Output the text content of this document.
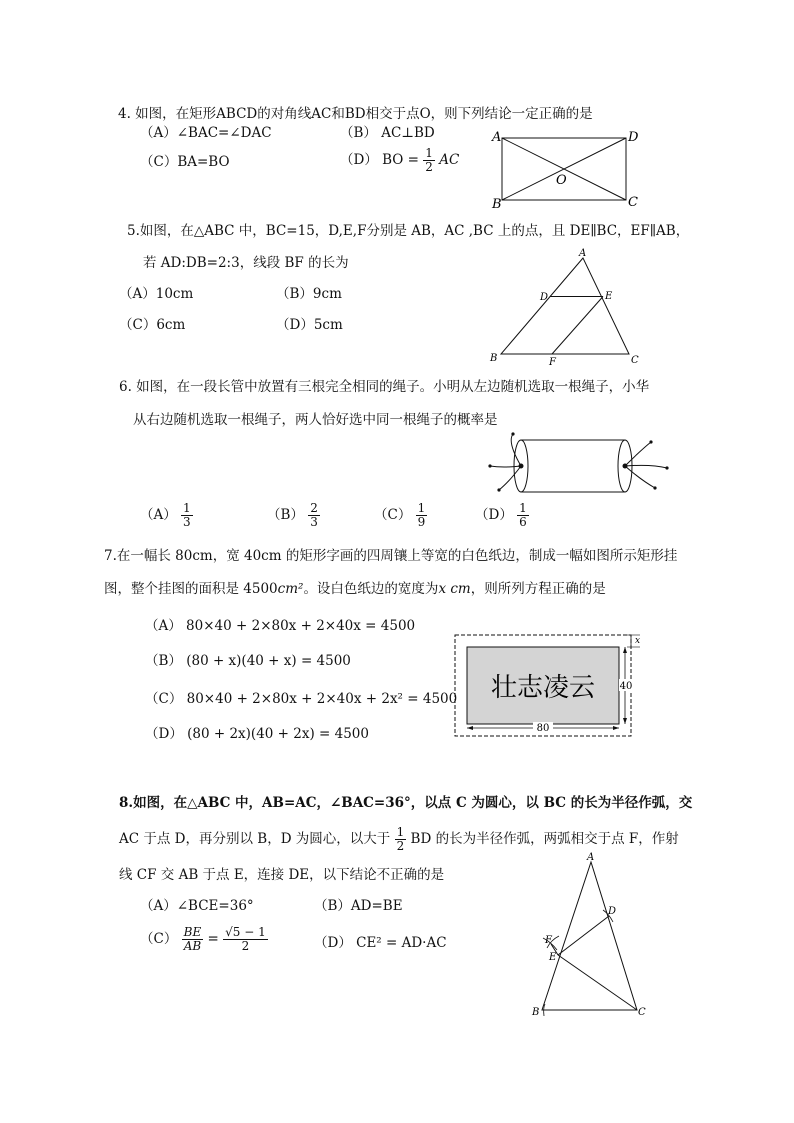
4. 如图，在矩形ABCD的对角线AC和BD相交于点O，则下列结论一定正确的是
（A）∠BAC=∠DAC	（B） AC⊥BD
（C）BA=BO	（D） BO = $\frac{1}{2}$ AC
A	D
B	C
O
5.如图，在△ABC 中，BC=15，D,E,F分别是 AB，AC ,BC 上的点，且 DE∥BC，EF∥AB，
若 AD:DB=2:3，线段 BF 的长为
（A）10cm	（B）9cm
（C）6cm	（D）5cm
A
D	E
B	F	C
6. 如图，在一段长管中放置有三根完全相同的绳子。小明从左边随机选取一根绳子，小华
从右边随机选取一根绳子，两人恰好选中同一根绳子的概率是
$(A) \frac{1}{3}$	$(B) \frac{2}{3}$	$(C) \frac{1}{9}$	$(D) \frac{1}{6}$
7.在一幅长 80cm，宽 40cm 的矩形字画的四周镶上等宽的白色纸边，制成一幅如图所示矩形挂
图，整个挂图的面积是 4500cm²。设白色纸边的宽度为x cm，则所列方程正确的是
（A） 80×40 + 2×80x + 2×40x = 4500
（B） (80 + x)(40 + x) = 4500
（C） 80×40 + 2×80x + 2×40x + 2x² = 4500
（D） (80 + 2x)(40 + 2x) = 4500
壮志凌云
80
40
x
8.如图，在△ABC 中，AB=AC，∠BAC=36°，以点 C 为圆心，以 BC 的长为半径作弧，交
AC 于点 D，再分别以 B，D 为圆心，以大于 $\frac{1}{2}$ BD 的长为半径作弧，两弧相交于点 F，作射
线 CF 交 AB 于点 E，连接 DE，以下结论不正确的是
（A）∠BCE=36°	（B）AD=BE
$(C) \frac{BE}{AB} = \frac{√5 - 1}{2}$	（D） CE² = AD·AC
A
D
F
E
B	C
